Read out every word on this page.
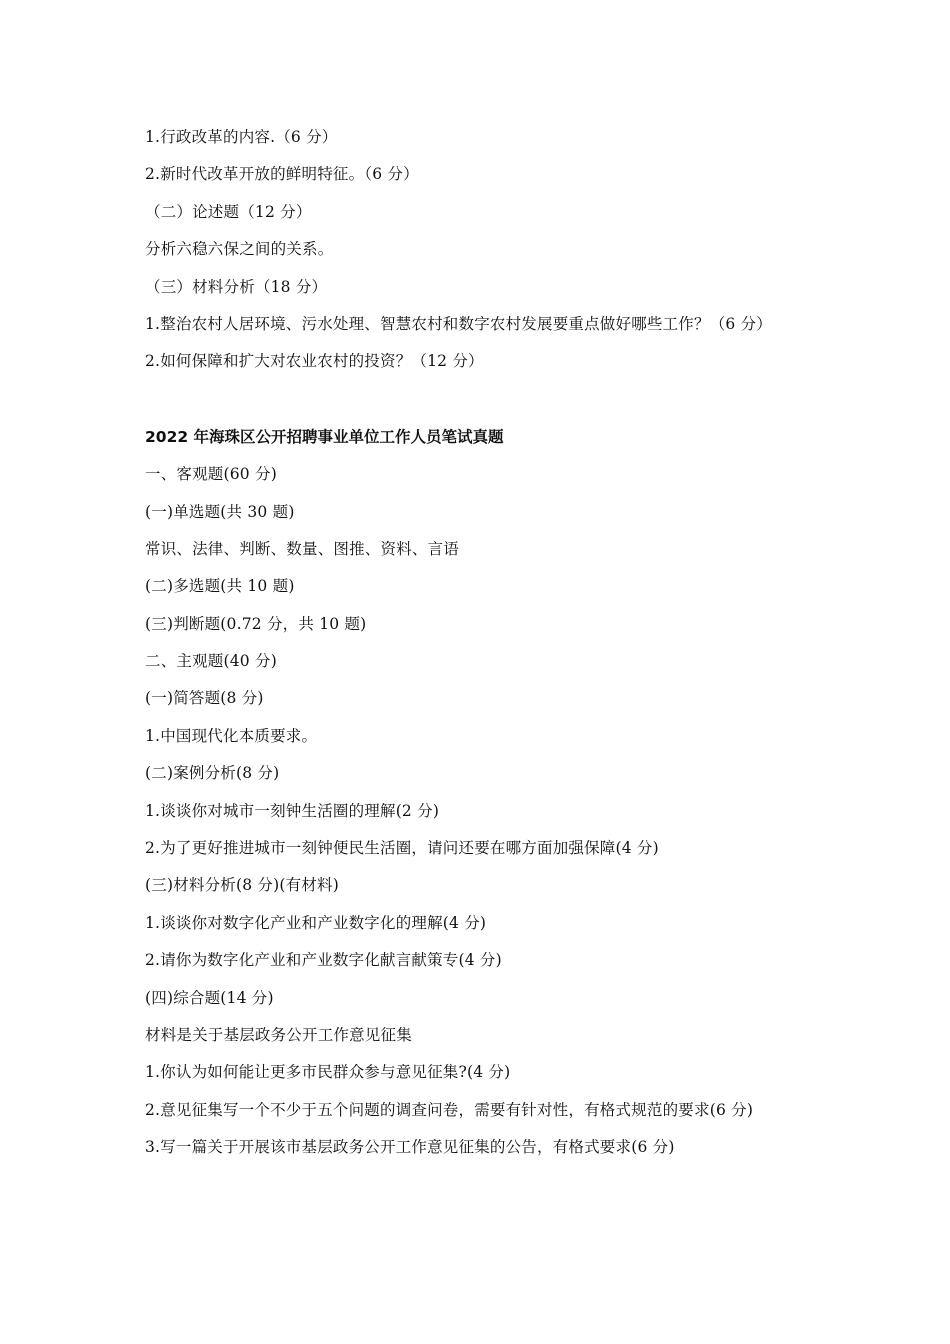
1.行政改革的内容.（6 分）
2.新时代改革开放的鲜明特征。（6 分）
（二）论述题（12 分）
分析六稳六保之间的关系。
（三）材料分析（18 分）
1.整治农村人居环境、污水处理、智慧农村和数字农村发展要重点做好哪些工作？（6 分）
2.如何保障和扩大对农业农村的投资？（12 分）
2022 年海珠区公开招聘事业单位工作人员笔试真题
一、客观题(60 分)
(一)单选题(共 30 题)
常识、法律、判断、数量、图推、资料、言语
(二)多选题(共 10 题)
(三)判断题(0.72 分，共 10 题)
二、主观题(40 分)
(一)简答题(8 分)
1.中国现代化本质要求。
(二)案例分析(8 分)
1.谈谈你对城市一刻钟生活圈的理解(2 分)
2.为了更好推进城市一刻钟便民生活圈，请问还要在哪方面加强保障(4 分)
(三)材料分析(8 分)(有材料)
1.谈谈你对数字化产业和产业数字化的理解(4 分)
2.请你为数字化产业和产业数字化献言献策专(4 分)
(四)综合题(14 分)
材料是关于基层政务公开工作意见征集
1.你认为如何能让更多市民群众参与意见征集?(4 分)
2.意见征集写一个不少于五个问题的调查问卷，需要有针对性，有格式规范的要求(6 分)
3.写一篇关于开展该市基层政务公开工作意见征集的公告，有格式要求(6 分)
